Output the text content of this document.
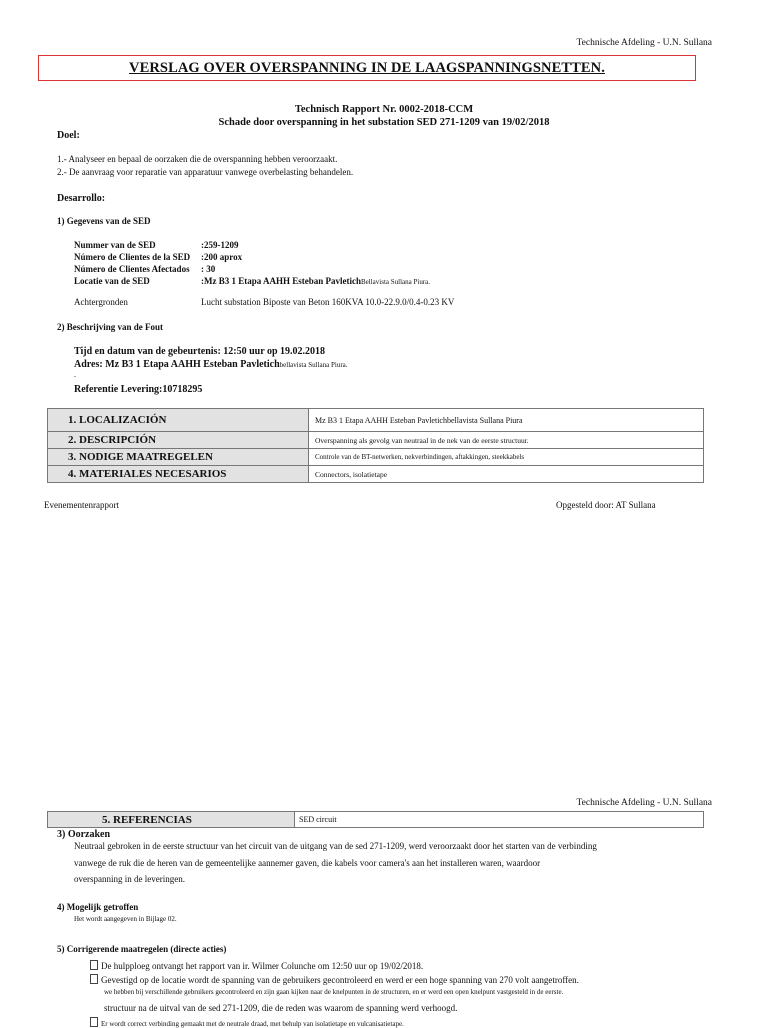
Technische Afdeling - U.N. Sullana
VERSLAG OVER OVERSPANNING IN DE LAAGSPANNINGSNETTEN.
Technisch Rapport Nr. 0002-2018-CCM
Schade door overspanning in het substation SED 271-1209 van 19/02/2018
Doel:
1.- Analyseer en bepaal de oorzaken die de overspanning hebben veroorzaakt.
2.- De aanvraag voor reparatie van apparatuur vanwege overbelasting behandelen.
Desarrollo:
1) Gegevens van de SED
Nummer van de SED	:259-1209
Número de Clientes de la SED :200 aprox
Número de Clientes Afectados : 30
Locatie van de SED	:Mz B3 1 Etapa AAHH Esteban PavletichBellavista Sullana Piura.
Achtergronden	Lucht substation Biposte van Beton 160KVA 10.0-22.9.0/0.4-0.23 KV
2) Beschrijving van de Fout
Tijd en datum van de gebeurtenis: 12:50 uur op 19.02.2018
Adres: Mz B3 1 Etapa AAHH Esteban Pavletichbellavista Sullana Piura.
.
Referentie Levering:10718295
1. LOCALIZACIÓN	Mz B3 1 Etapa AAHH Esteban Pavletichbellavista Sullana Piura
2. DESCRIPCIÓN	Overspanning als gevolg van neutraal in de nek van de eerste structuur.
3. NODIGE MAATREGELEN	Controle van de BT-netwerken, nekverbindingen, aftakkingen, steekkabels
4. MATERIALES NECESARIOS	Connectors, isolatietape
Evenementenrapport	Opgesteld door: AT Sullana
Technische Afdeling - U.N. Sullana
5. REFERENCIAS	SED circuit
3) Oorzaken
Neutraal gebroken in de eerste structuur van het circuit van de uitgang van de sed 271-1209, werd veroorzaakt door het starten van de verbinding
vanwege de ruk die de heren van de gemeentelijke aannemer gaven, die kabels voor camera's aan het installeren waren, waardoor
overspanning in de leveringen.
4) Mogelijk getroffen
Het wordt aangegeven in Bijlage 02.
5) Corrigerende maatregelen (directe acties)
De hulpploeg ontvangt het rapport van ir. Wilmer Colunche om 12:50 uur op 19/02/2018.
Gevestigd op de locatie wordt de spanning van de gebruikers gecontroleerd en werd er een hoge spanning van 270 volt aangetroffen.
we hebben bij verschillende gebruikers gecontroleerd en zijn gaan kijken naar de knelpunten in de structuren, en er werd een open knelpunt vastgesteld in de eerste.
structuur na de uitval van de sed 271-1209, die de reden was waarom de spanning werd verhoogd.
Er wordt correct verbinding gemaakt met de neutrale draad, met behulp van isolatietape en vulcanisatietape.
